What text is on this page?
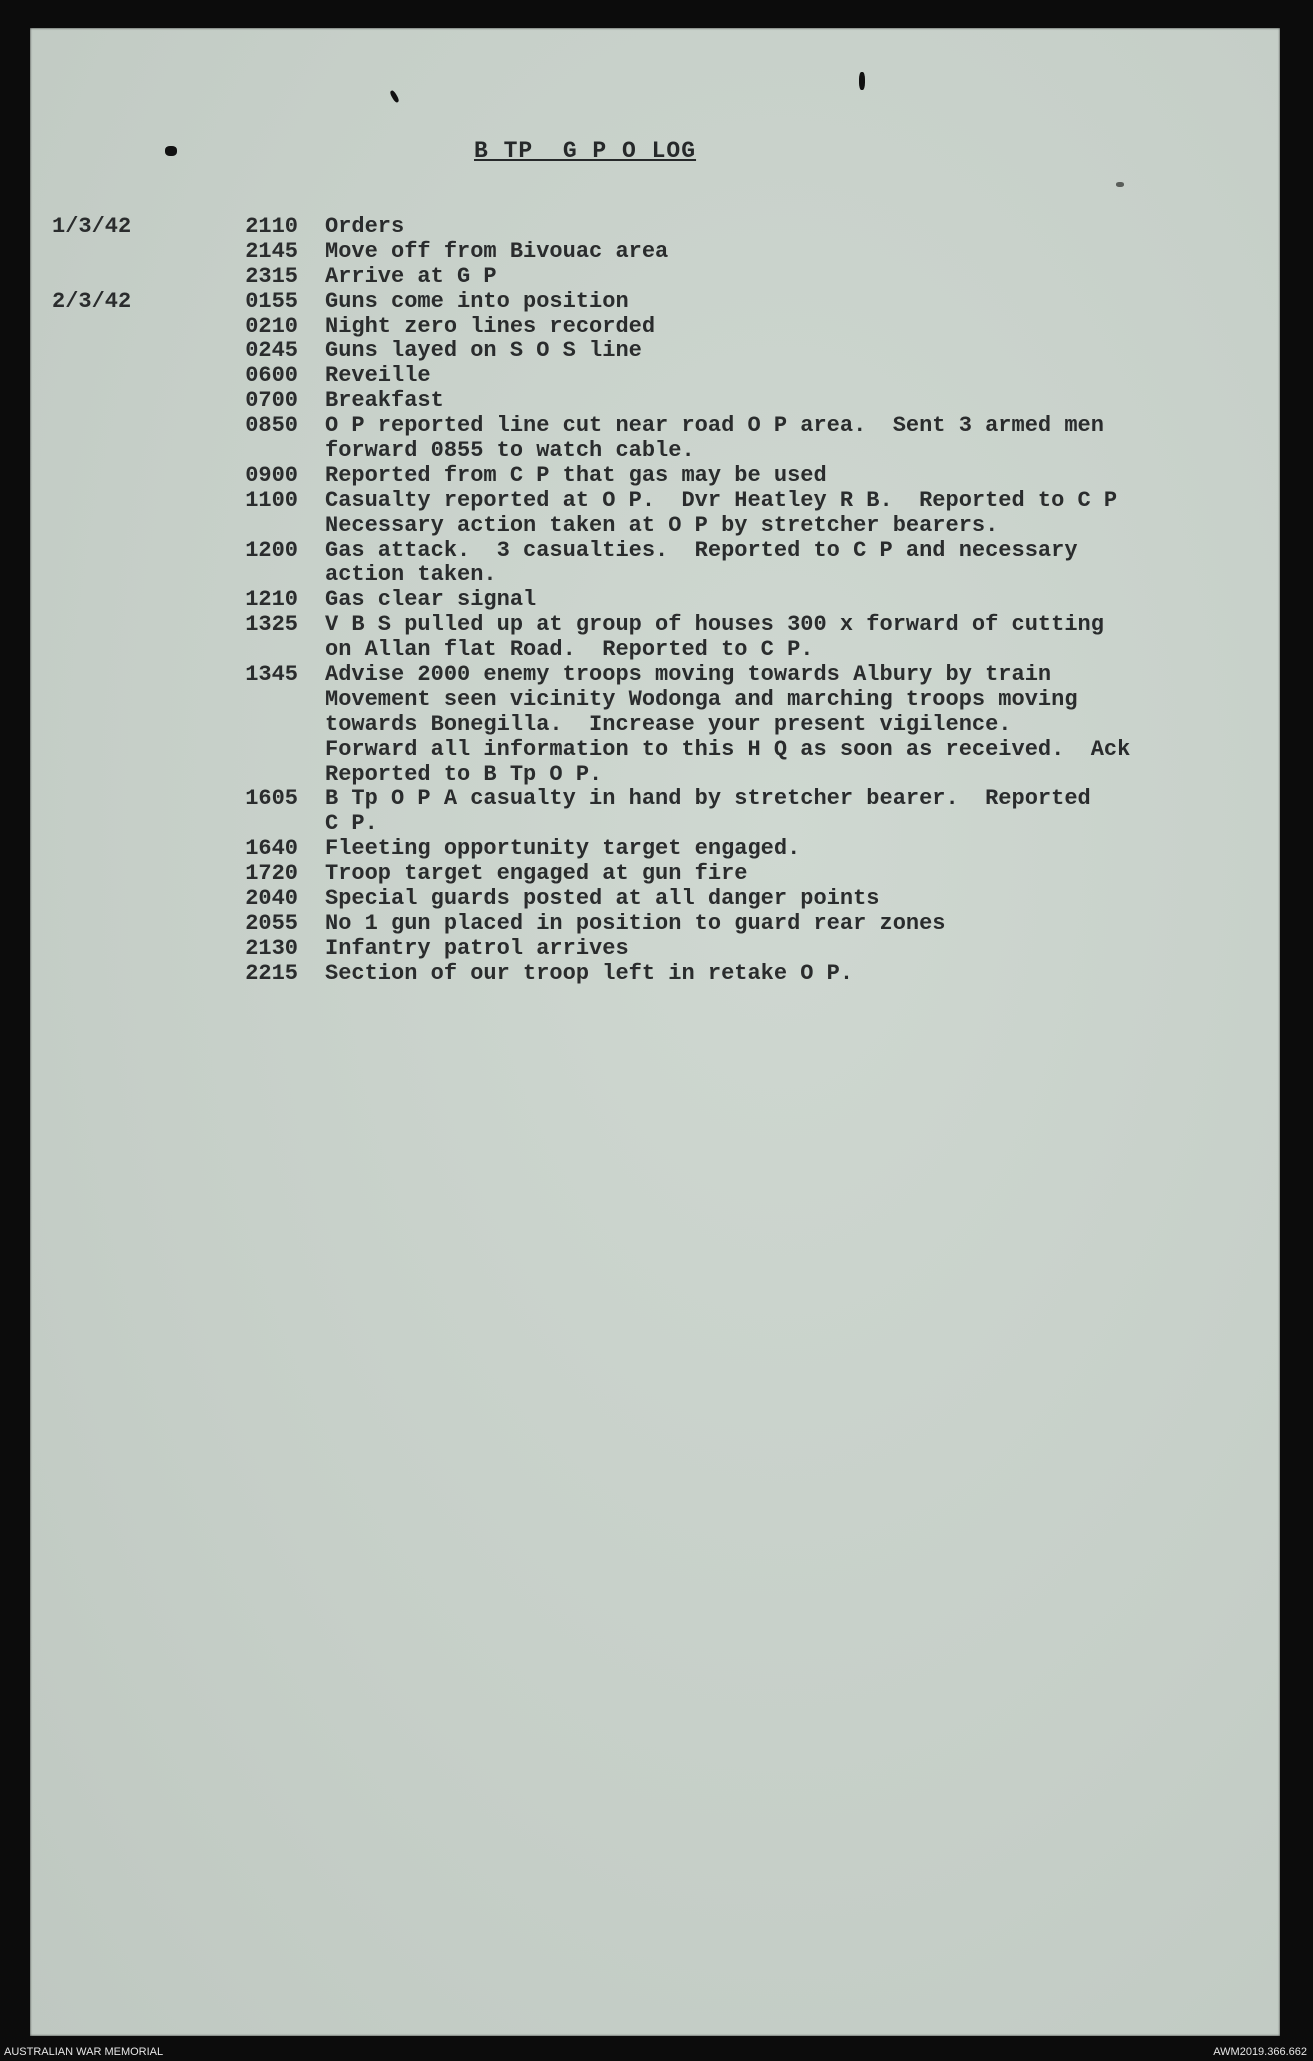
B TP  G P O LOG
1/3/42	2110 Orders
2145 Move off from Bivouac area
2315 Arrive at G P
2/3/42	0155 Guns come into position
0210 Night zero lines recorded
0245 Guns layed on S O S line
0600 Reveille
0700 Breakfast
0850 O P reported line cut near road O P area.  Sent 3 armed men
forward 0855 to watch cable.
0900 Reported from C P that gas may be used
1100 Casualty reported at O P.  Dvr Heatley R B.  Reported to C P
Necessary action taken at O P by stretcher bearers.
1200 Gas attack.  3 casualties.  Reported to C P and necessary
action taken.
1210 Gas clear signal
1325 V B S pulled up at group of houses 300 x forward of cutting
on Allan flat Road.  Reported to C P.
1345 Advise 2000 enemy troops moving towards Albury by train
Movement seen vicinity Wodonga and marching troops moving
towards Bonegilla.  Increase your present vigilence.
Forward all information to this H Q as soon as received.  Ack
Reported to B Tp O P.
1605 B Tp O P A casualty in hand by stretcher bearer.  Reported
C P.
1640 Fleeting opportunity target engaged.
1720 Troop target engaged at gun fire
2040 Special guards posted at all danger points
2055 No 1 gun placed in position to guard rear zones
2130 Infantry patrol arrives
2215 Section of our troop left in retake O P.
AUSTRALIAN WAR MEMORIAL	AWM2019.366.662
